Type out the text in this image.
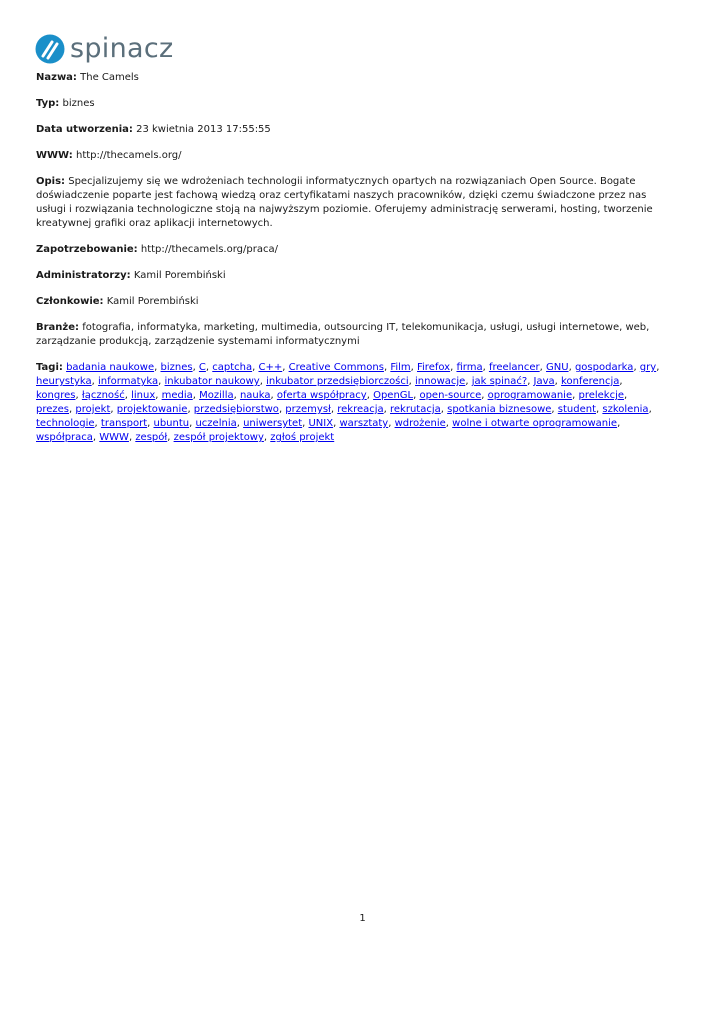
spinacz

Nazwa: The Camels

Typ: biznes

Data utworzenia: 23 kwietnia 2013 17:55:55

WWW: http://thecamels.org/

Opis: Specjalizujemy się we wdrożeniach technologii informatycznych opartych na rozwiązaniach Open Source. Bogate doświadczenie poparte jest fachową wiedzą oraz certyfikatami naszych pracowników, dzięki czemu świadczone przez nas usługi i rozwiązania technologiczne stoją na najwyższym poziomie. Oferujemy administrację serwerami, hosting, tworzenie kreatywnej grafiki oraz aplikacji internetowych.

Zapotrzebowanie: http://thecamels.org/praca/

Administratorzy: Kamil Porembiński

Członkowie: Kamil Porembiński

Branże: fotografia, informatyka, marketing, multimedia, outsourcing IT, telekomunikacja, usługi, usługi internetowe, web, zarządzanie produkcją, zarządzenie systemami informatycznymi

Tagi: badania naukowe, biznes, C, captcha, C++, Creative Commons, Film, Firefox, firma, freelancer, GNU, gospodarka, gry, heurystyka, informatyka, inkubator naukowy, inkubator przedsiębiorczości, innowacje, jak spinać?, Java, konferencja, kongres, łączność, linux, media, Mozilla, nauka, oferta współpracy, OpenGL, open-source, oprogramowanie, prelekcje, prezes, projekt, projektowanie, przedsiębiorstwo, przemysł, rekreacja, rekrutacja, spotkania biznesowe, student, szkolenia, technologie, transport, ubuntu, uczelnia, uniwersytet, UNIX, warsztaty, wdrożenie, wolne i otwarte oprogramowanie, współpraca, WWW, zespół, zespół projektowy, zgłoś projekt

1
